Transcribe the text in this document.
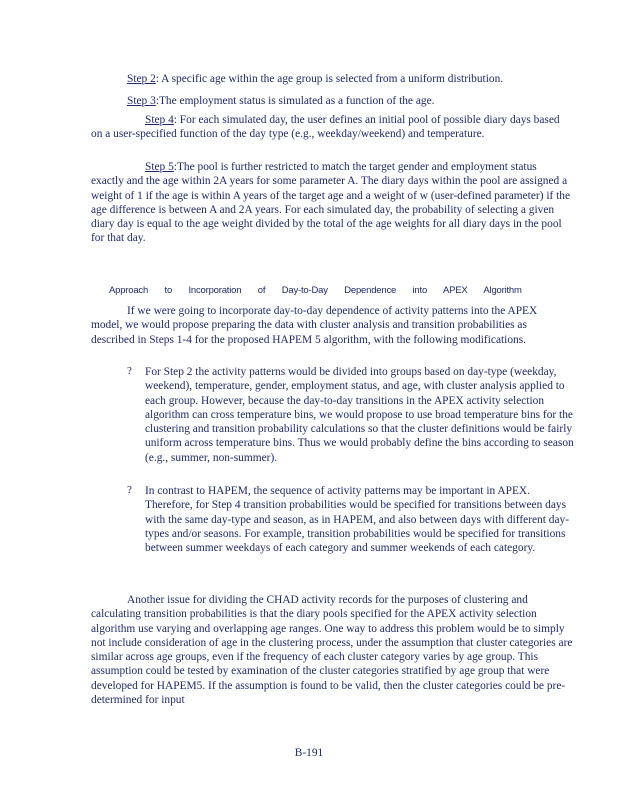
Step 2: A specific age within the age group is selected from a uniform distribution.

Step 3:The employment status is simulated as a function of the age.

Step 4: For each simulated day, the user defines an initial pool of possible diary days based on a user-specified function of the day type (e.g., weekday/weekend) and temperature.

Step 5:The pool is further restricted to match the target gender and employment status exactly and the age within 2A years for some parameter A. The diary days within the pool are assigned a weight of 1 if the age is within A years of the target age and a weight of w (user-defined parameter) if the age difference is between A and 2A years. For each simulated day, the probability of selecting a given diary day is equal to the age weight divided by the total of the age weights for all diary days in the pool for that day.

Approach to Incorporation of Day-to-Day Dependence into APEX Algorithm

If we were going to incorporate day-to-day dependence of activity patterns into the APEX model, we would propose preparing the data with cluster analysis and transition probabilities as described in Steps 1-4 for the proposed HAPEM 5 algorithm, with the following modifications.

? For Step 2 the activity patterns would be divided into groups based on day-type (weekday, weekend), temperature, gender, employment status, and age, with cluster analysis applied to each group. However, because the day-to-day transitions in the APEX activity selection algorithm can cross temperature bins, we would propose to use broad temperature bins for the clustering and transition probability calculations so that the cluster definitions would be fairly uniform across temperature bins. Thus we would probably define the bins according to season (e.g., summer, non-summer).

? In contrast to HAPEM, the sequence of activity patterns may be important in APEX. Therefore, for Step 4 transition probabilities would be specified for transitions between days with the same day-type and season, as in HAPEM, and also between days with different day-types and/or seasons. For example, transition probabilities would be specified for transitions between summer weekdays of each category and summer weekends of each category.

Another issue for dividing the CHAD activity records for the purposes of clustering and calculating transition probabilities is that the diary pools specified for the APEX activity selection algorithm use varying and overlapping age ranges. One way to address this problem would be to simply not include consideration of age in the clustering process, under the assumption that cluster categories are similar across age groups, even if the frequency of each cluster category varies by age group. This assumption could be tested by examination of the cluster categories stratified by age group that were developed for HAPEM5. If the assumption is found to be valid, then the cluster categories could be pre-determined for input

B-191
